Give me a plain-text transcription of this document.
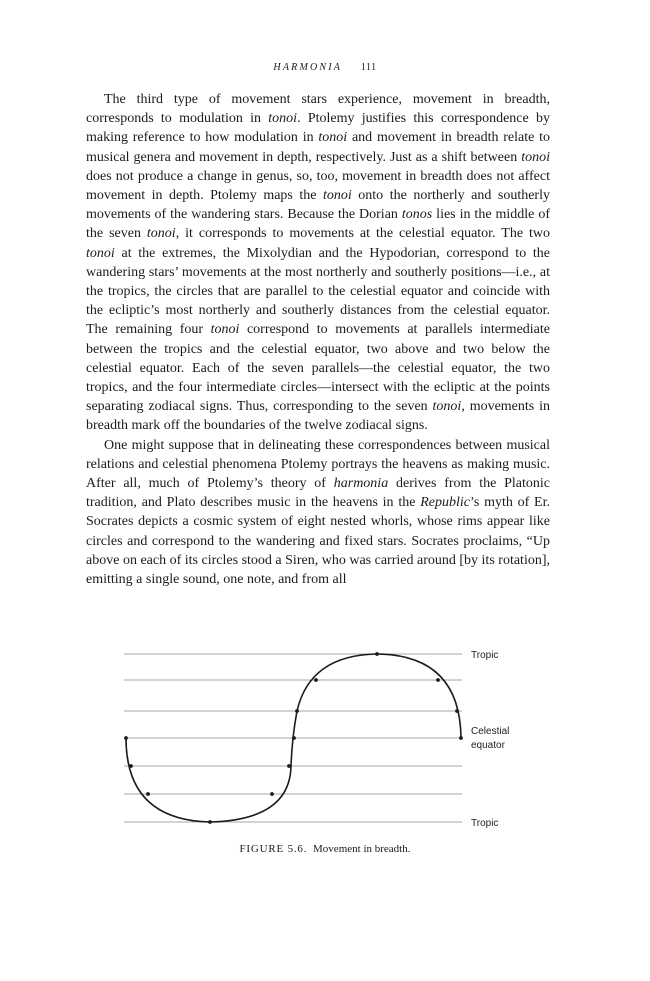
HARMONIA 111

The third type of movement stars experience, movement in breadth, corresponds to modulation in tonoi. Ptolemy justifies this correspondence by making reference to how modulation in tonoi and movement in breadth relate to musical genera and movement in depth, respectively. Just as a shift between tonoi does not produce a change in genus, so, too, movement in breadth does not affect movement in depth. Ptolemy maps the tonoi onto the northerly and southerly movements of the wandering stars. Because the Dorian tonos lies in the middle of the seven tonoi, it corresponds to movements at the celestial equator. The two tonoi at the extremes, the Mixolydian and the Hypodorian, correspond to the wandering stars’ movements at the most northerly and southerly positions—i.e., at the tropics, the circles that are parallel to the celestial equator and coincide with the ecliptic’s most northerly and southerly distances from the celestial equator. The remaining four tonoi correspond to movements at parallels intermediate between the tropics and the celestial equator, two above and two below the celestial equator. Each of the seven parallels—the celestial equator, the two tropics, and the four intermediate circles—intersect with the ecliptic at the points separating zodiacal signs. Thus, corresponding to the seven tonoi, movements in breadth mark off the boundaries of the twelve zodiacal signs.

One might suppose that in delineating these correspondences between musical relations and celestial phenomena Ptolemy portrays the heavens as making music. After all, much of Ptolemy’s theory of harmonia derives from the Platonic tradition, and Plato describes music in the heavens in the Republic’s myth of Er. Socrates depicts a cosmic system of eight nested whorls, whose rims appear like circles and correspond to the wandering and fixed stars. Socrates proclaims, “Up above on each of its circles stood a Siren, who was carried around [by its rotation], emitting a single sound, one note, and from all

Tropic
Celestial
equator
Tropic
FIGURE 5.6. Movement in breadth.
